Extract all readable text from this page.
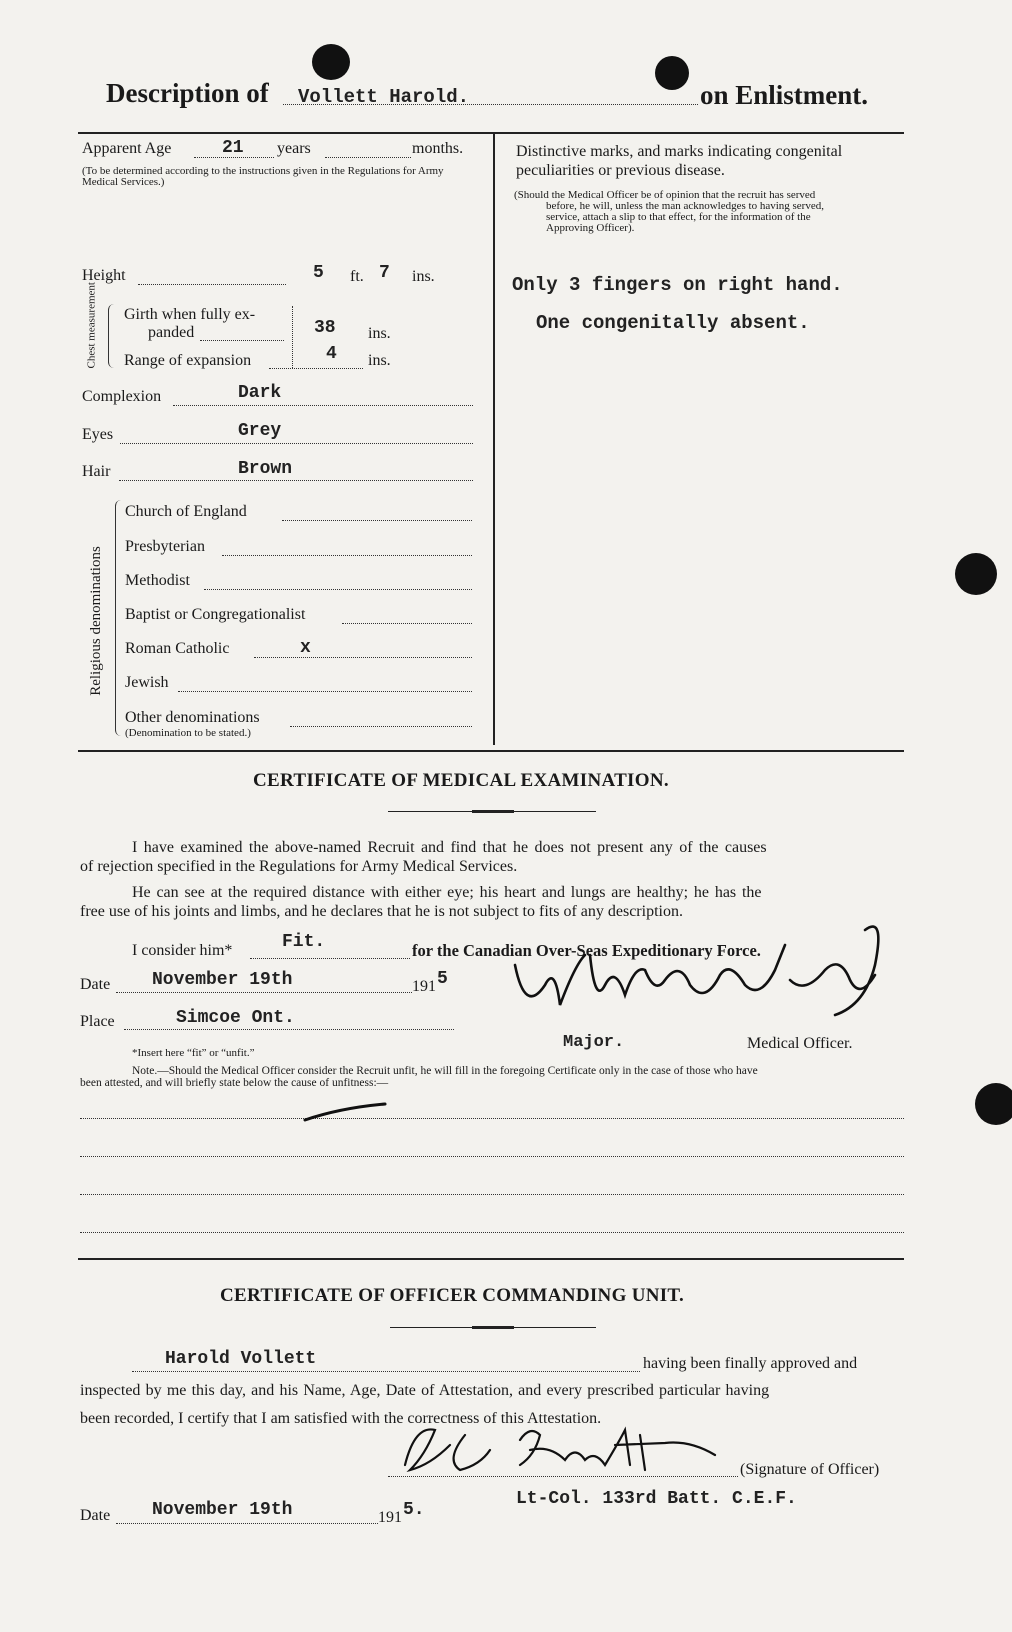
Description of Vollett Harold.	on Enlistment.
Apparent Age	21 years	months.
(To be determined according to the instructions given in the Regulations for Army Medical Services.)
Height	5 ft. 7 ins.
Chest measurement Girth when fully ex-
panded	38 ins.
Range of expansion	4 ins.
Complexion	Dark
Eyes	Grey
Hair	Brown
Religious denominations
Church of England
Presbyterian
Methodist
Baptist or Congregationalist
Roman Catholic	x
Jewish
Other denominations
(Denomination to be stated.)
Distinctive marks, and marks indicating congenital
peculiarities or previous disease.
(Should the Medical Officer be of opinion that the recruit has served
before, he will, unless the man acknowledges to having served,
service, attach a slip to that effect, for the information of the
Approving Officer).
Only 3 fingers on right hand.
One congenitally absent.
CERTIFICATE OF MEDICAL EXAMINATION.
I have examined the above-named Recruit and find that he does not present any of the causes
of rejection specified in the Regulations for Army Medical Services.
He can see at the required distance with either eye; his heart and lungs are healthy; he has the
free use of his joints and limbs, and he declares that he is not subject to fits of any description.
I consider him*	Fit.	for the Canadian Over-Seas Expeditionary Force.
Date November 19th	191 5
Place	Simcoe Ont.
Major.	Medical Officer.
*Insert here “fit” or “unfit.”
Note.—Should the Medical Officer consider the Recruit unfit, he will fill in the foregoing Certificate only in the case of those who have
been attested, and will briefly state below the cause of unfitness:—
CERTIFICATE OF OFFICER COMMANDING UNIT.
Harold Vollett	having been finally approved and
inspected by me this day, and his Name, Age, Date of Attestation, and every prescribed particular having
been recorded, I certify that I am satisfied with the correctness of this Attestation.
(Signature of Officer)
Lt-Col. 133rd Batt. C.E.F.
Date November 19th	191 5.
